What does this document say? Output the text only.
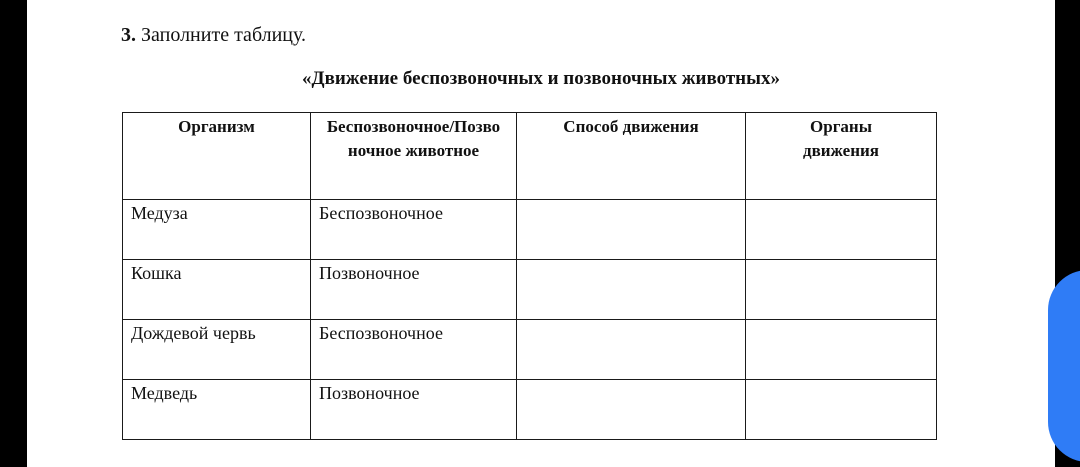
3. Заполните таблицу.
«Движение беспозвоночных и позвоночных животных»
Организм	Беспозвоночное/Позвоночное животное	Способ движения	Органы движения

Медуза	Беспозвоночное		
Кошка	Позвоночное		
Дождевой червь	Беспозвоночное		
Медведь	Позвоночное		
